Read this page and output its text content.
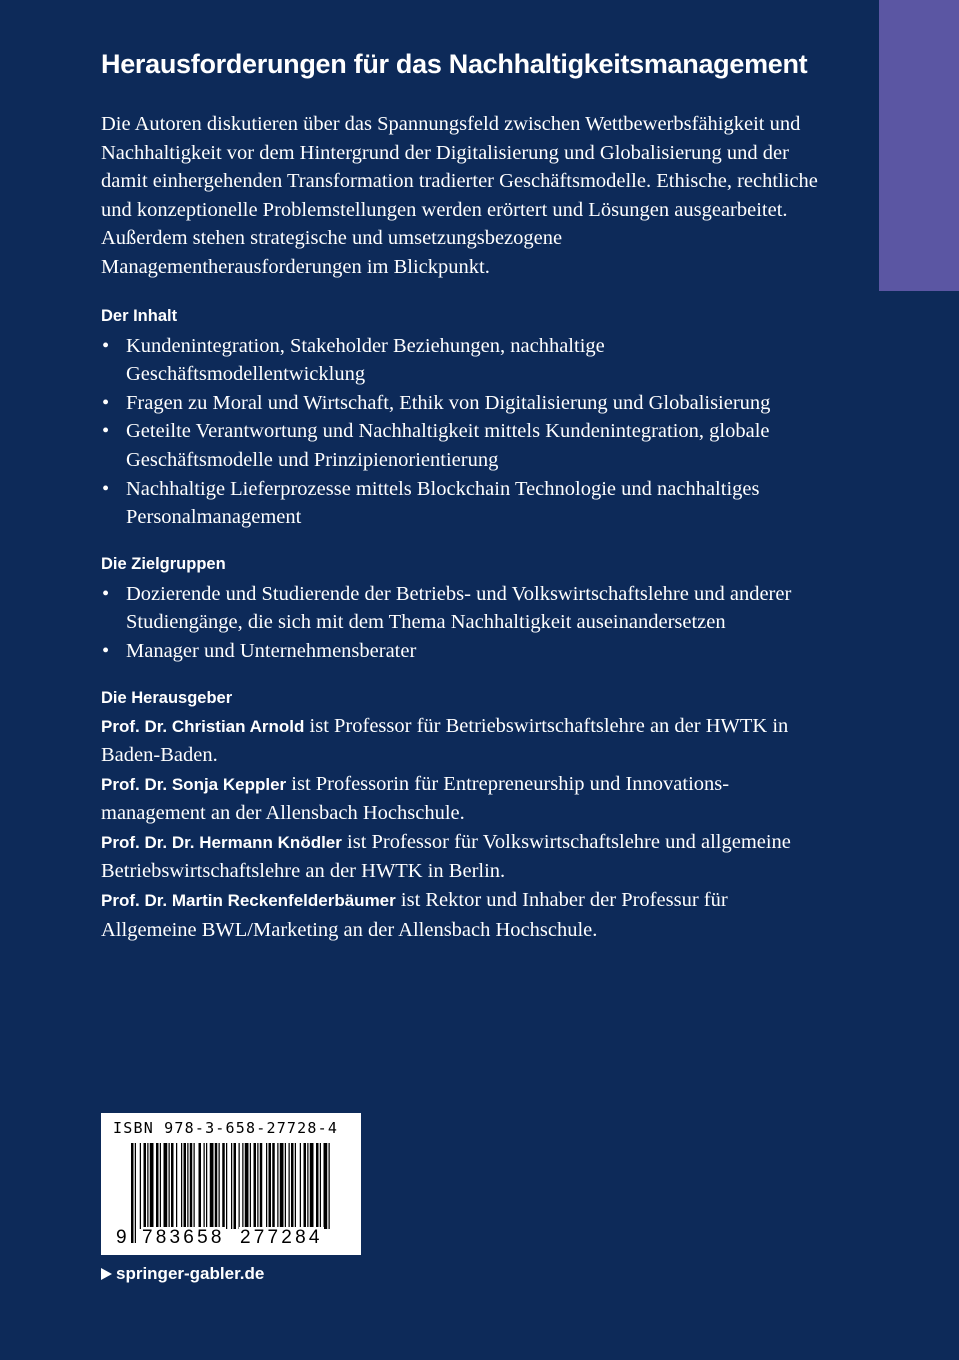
Herausforderungen für das Nachhaltigkeitsmanagement

Die Autoren diskutieren über das Spannungsfeld zwischen Wettbewerbsfähigkeit und Nachhaltigkeit vor dem Hintergrund der Digitalisierung und Globalisierung und der damit einhergehenden Transformation tradierter Geschäftsmodelle. Ethische, rechtliche und konzeptionelle Problemstellungen werden erörtert und Lösungen ausgearbeitet. Außerdem stehen strategische und umsetzungsbezogene Managementherausforderungen im Blickpunkt.

Der Inhalt
• Kundenintegration, Stakeholder Beziehungen, nachhaltige Geschäftsmodellentwicklung
• Fragen zu Moral und Wirtschaft, Ethik von Digitalisierung und Globalisierung
• Geteilte Verantwortung und Nachhaltigkeit mittels Kundenintegration, globale Geschäftsmodelle und Prinzipienorientierung
• Nachhaltige Lieferprozesse mittels Blockchain Technologie und nachhaltiges Personalmanagement
Die Zielgruppen
• Dozierende und Studierende der Betriebs- und Volkswirtschaftslehre und anderer Studiengänge, die sich mit dem Thema Nachhaltigkeit auseinandersetzen
• Manager und Unternehmensberater
Die Herausgeber

Prof. Dr. Christian Arnold ist Professor für Betriebswirtschaftslehre an der HWTK in Baden-Baden.

Prof. Dr. Sonja Keppler ist Professorin für Entrepreneurship und Innovationsmanagement an der Allensbach Hochschule.

Prof. Dr. Dr. Hermann Knödler ist Professor für Volkswirtschaftslehre und allgemeine Betriebswirtschaftslehre an der HWTK in Berlin.

Prof. Dr. Martin Reckenfelderbäumer ist Rektor und Inhaber der Professur für Allgemeine BWL/Marketing an der Allensbach Hochschule.

ISBN 978-3-658-27728-4
9 783658 277284
springer-gabler.de
